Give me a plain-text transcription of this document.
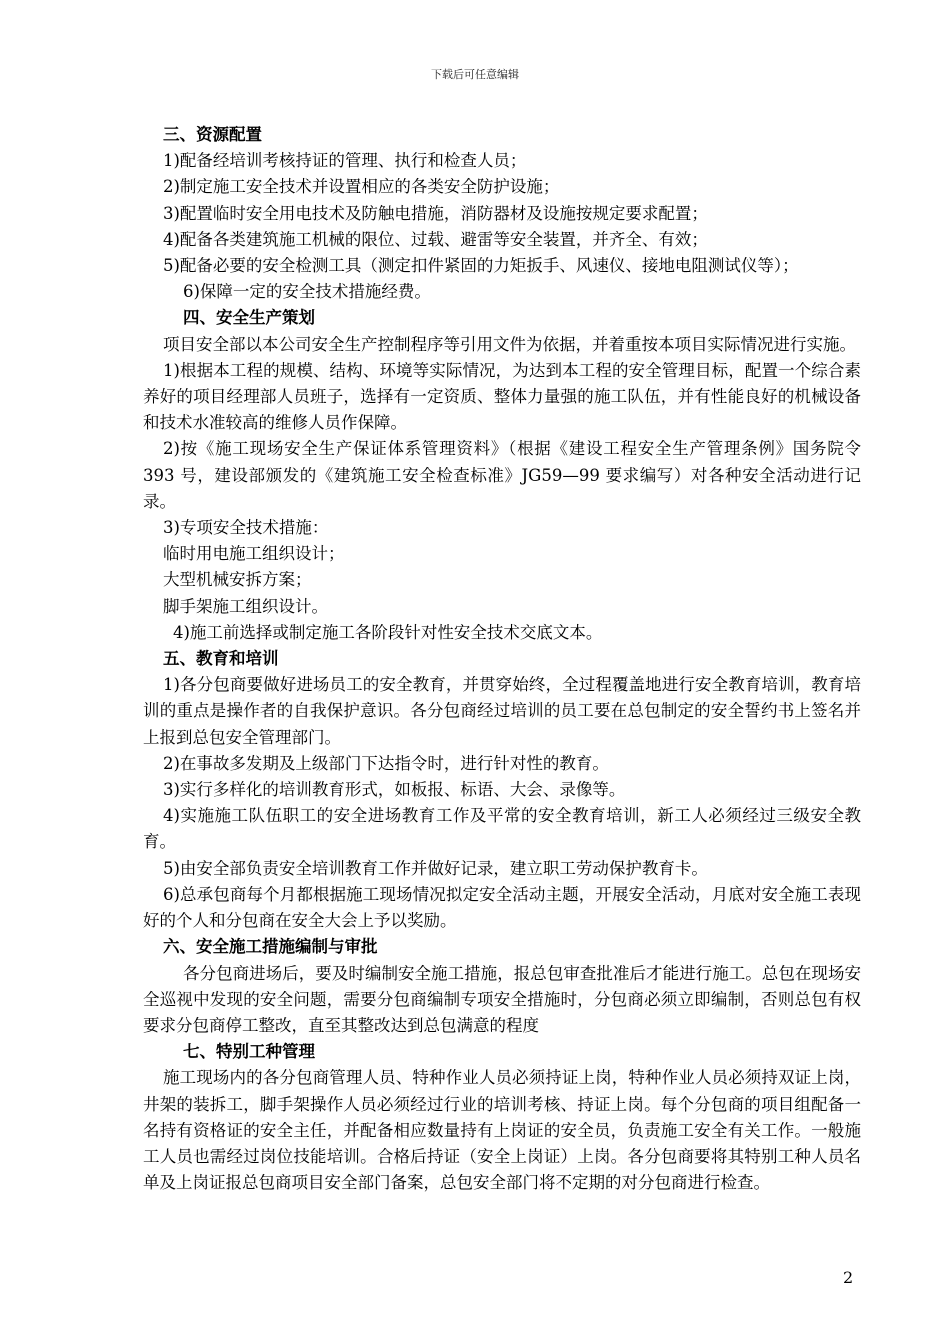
下载后可任意编辑

三、资源配置

1)配备经培训考核持证的管理、执行和检查人员；

2)制定施工安全技术并设置相应的各类安全防护设施；

3)配置临时安全用电技术及防触电措施，消防器材及设施按规定要求配置；

4)配备各类建筑施工机械的限位、过载、避雷等安全装置，并齐全、有效；

5)配备必要的安全检测工具（测定扣件紧固的力矩扳手、风速仪、接地电阻测试仪等）；

6)保障一定的安全技术措施经费。

四、安全生产策划

项目安全部以本公司安全生产控制程序等引用文件为依据，并着重按本项目实际情况进行实施。

1)根据本工程的规模、结构、环境等实际情况，为达到本工程的安全管理目标，配置一个综合素养好的项目经理部人员班子，选择有一定资质、整体力量强的施工队伍，并有性能良好的机械设备和技术水准较高的维修人员作保障。

2)按《施工现场安全生产保证体系管理资料》（根据《建设工程安全生产管理条例》国务院令 393 号，建设部颁发的《建筑施工安全检查标准》JG59—99 要求编写）对各种安全活动进行记录。

3)专项安全技术措施：

临时用电施工组织设计；

大型机械安拆方案；

脚手架施工组织设计。

4)施工前选择或制定施工各阶段针对性安全技术交底文本。

五、教育和培训

1)各分包商要做好进场员工的安全教育，并贯穿始终，全过程覆盖地进行安全教育培训，教育培训的重点是操作者的自我保护意识。各分包商经过培训的员工要在总包制定的安全誓约书上签名并上报到总包安全管理部门。

2)在事故多发期及上级部门下达指令时，进行针对性的教育。

3)实行多样化的培训教育形式，如板报、标语、大会、录像等。

4)实施施工队伍职工的安全进场教育工作及平常的安全教育培训，新工人必须经过三级安全教育。

5)由安全部负责安全培训教育工作并做好记录，建立职工劳动保护教育卡。

6)总承包商每个月都根据施工现场情况拟定安全活动主题，开展安全活动，月底对安全施工表现好的个人和分包商在安全大会上予以奖励。

六、安全施工措施编制与审批

各分包商进场后，要及时编制安全施工措施，报总包审查批准后才能进行施工。总包在现场安全巡视中发现的安全问题，需要分包商编制专项安全措施时，分包商必须立即编制，否则总包有权要求分包商停工整改，直至其整改达到总包满意的程度

七、特别工种管理

施工现场内的各分包商管理人员、特种作业人员必须持证上岗，特种作业人员必须持双证上岗，井架的装拆工，脚手架操作人员必须经过行业的培训考核、持证上岗。每个分包商的项目组配备一名持有资格证的安全主任，并配备相应数量持有上岗证的安全员，负责施工安全有关工作。一般施工人员也需经过岗位技能培训。合格后持证（安全上岗证）上岗。各分包商要将其特别工种人员名单及上岗证报总包商项目安全部门备案，总包安全部门将不定期的对分包商进行检查。

2
